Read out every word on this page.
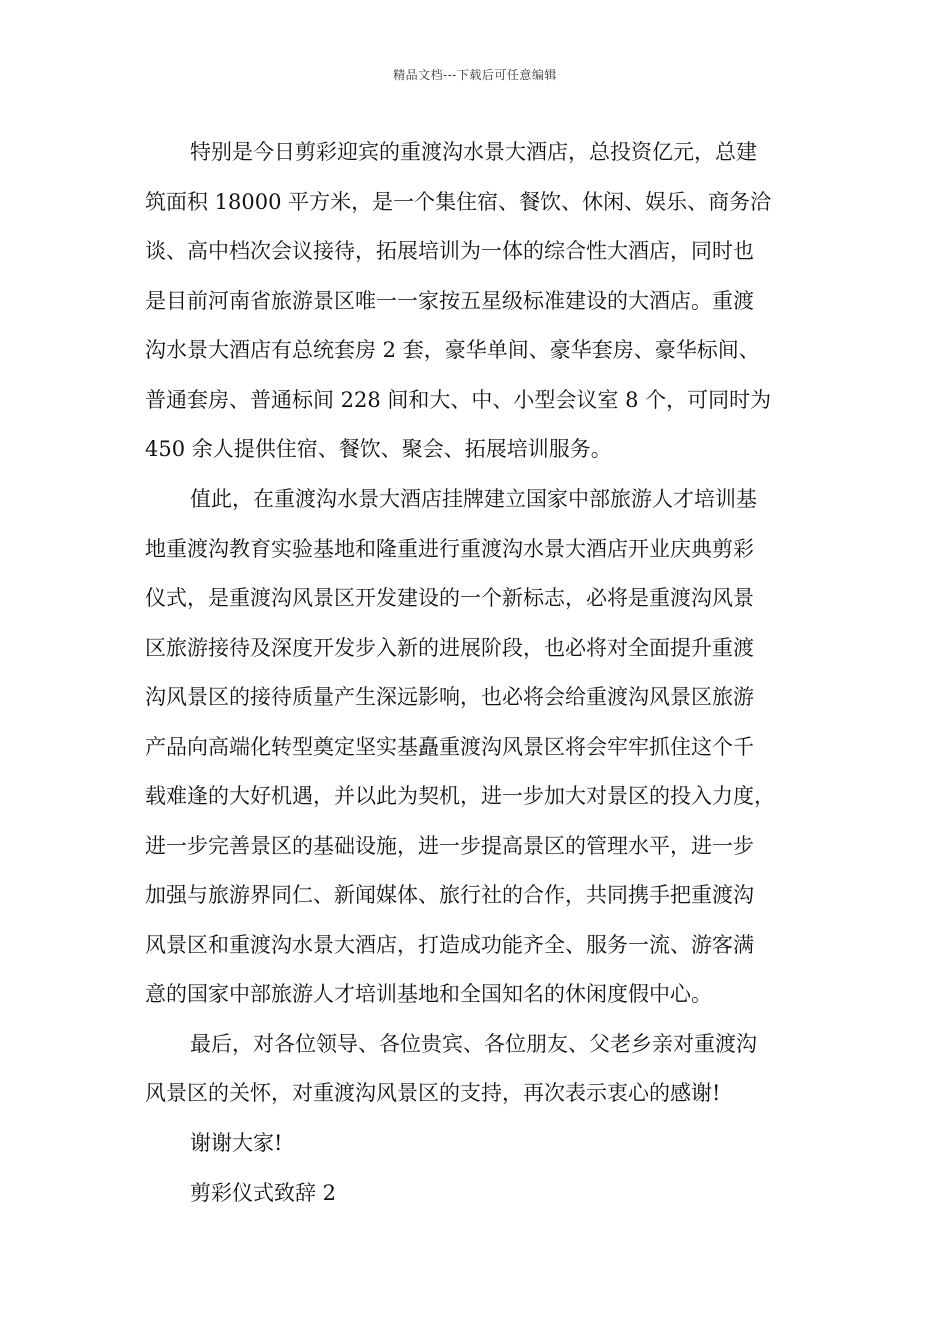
精品文档---下载后可任意编辑
特别是今日剪彩迎宾的重渡沟水景大酒店，总投资亿元，总建
筑面积 18000 平方米，是一个集住宿、餐饮、休闲、娱乐、商务洽
谈、高中档次会议接待，拓展培训为一体的综合性大酒店，同时也
是目前河南省旅游景区唯一一家按五星级标准建设的大酒店。重渡
沟水景大酒店有总统套房 2 套，豪华单间、豪华套房、豪华标间、
普通套房、普通标间 228 间和大、中、小型会议室 8 个，可同时为
450 余人提供住宿、餐饮、聚会、拓展培训服务。
值此，在重渡沟水景大酒店挂牌建立国家中部旅游人才培训基
地重渡沟教育实验基地和隆重进行重渡沟水景大酒店开业庆典剪彩
仪式，是重渡沟风景区开发建设的一个新标志，必将是重渡沟风景
区旅游接待及深度开发步入新的进展阶段，也必将对全面提升重渡
沟风景区的接待质量产生深远影响，也必将会给重渡沟风景区旅游
产品向高端化转型奠定坚实基矗重渡沟风景区将会牢牢抓住这个千
载难逢的大好机遇，并以此为契机，进一步加大对景区的投入力度，
进一步完善景区的基础设施，进一步提高景区的管理水平，进一步
加强与旅游界同仁、新闻媒体、旅行社的合作，共同携手把重渡沟
风景区和重渡沟水景大酒店，打造成功能齐全、服务一流、游客满
意的国家中部旅游人才培训基地和全国知名的休闲度假中心。
最后，对各位领导、各位贵宾、各位朋友、父老乡亲对重渡沟
风景区的关怀，对重渡沟风景区的支持，再次表示衷心的感谢!
谢谢大家!
剪彩仪式致辞 2
